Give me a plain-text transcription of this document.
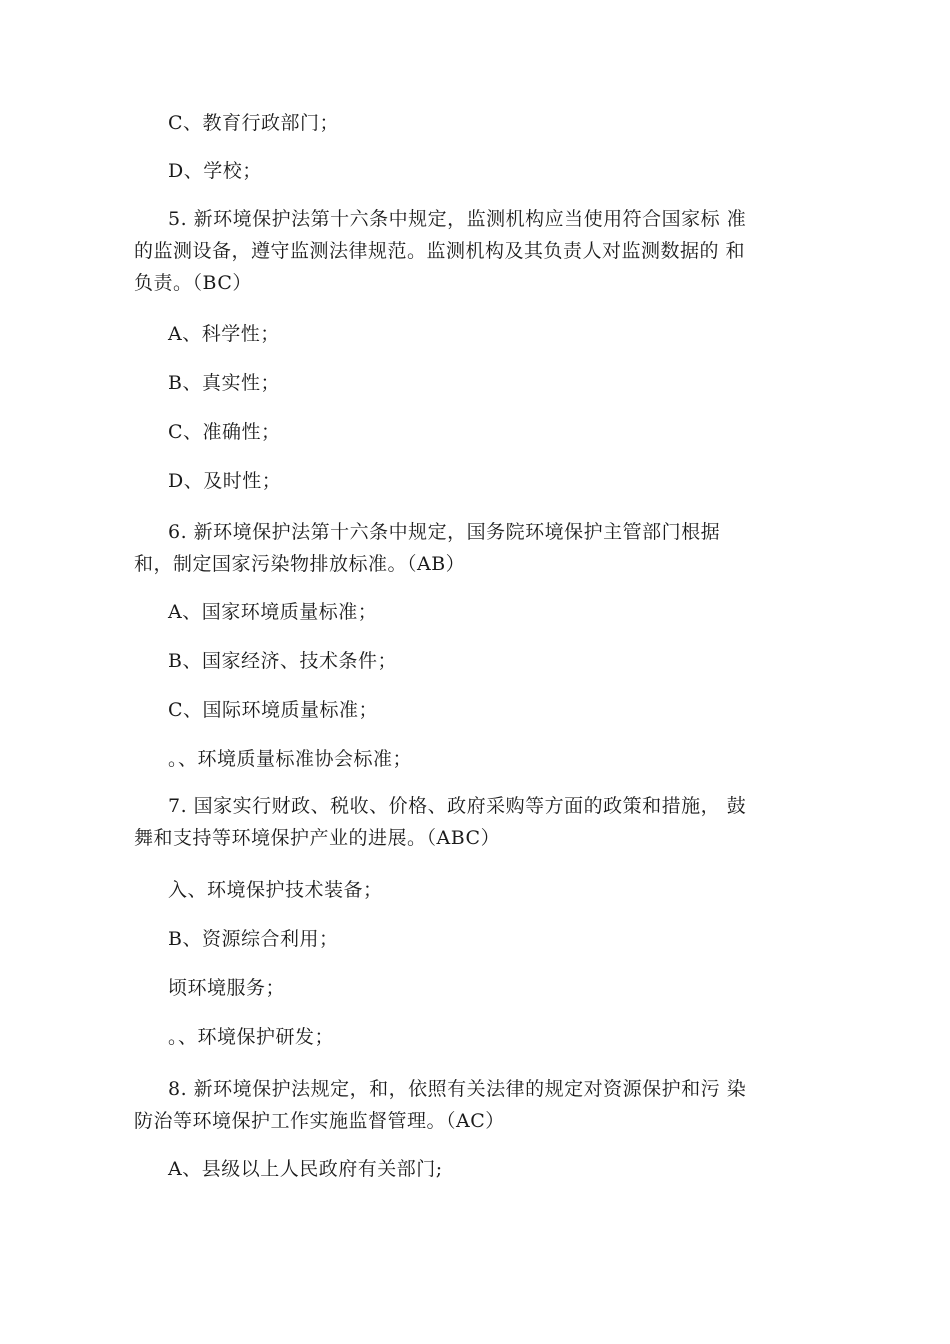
C、教育行政部门；
D、学校；
5. 新环境保护法第十六条中规定，监测机构应当使用符合国家标 准
的监测设备，遵守监测法律规范。监测机构及其负责人对监测数据的 和
负责。（BC）
A、科学性；
B、真实性；
C、准确性；
D、及时性；
6. 新环境保护法第十六条中规定，国务院环境保护主管部门根据
和，制定国家污染物排放标准。（AB）
A、国家环境质量标准；
B、国家经济、技术条件；
C、国际环境质量标准；
。、环境质量标准协会标准；
7. 国家实行财政、税收、价格、政府采购等方面的政策和措施， 鼓
舞和支持等环境保护产业的进展。（ABC）
入、环境保护技术装备；
B、资源综合利用；
顷环境服务；
。、环境保护研发；
8. 新环境保护法规定，和，依照有关法律的规定对资源保护和污 染
防治等环境保护工作实施监督管理。（AC）
A、县级以上人民政府有关部门;
